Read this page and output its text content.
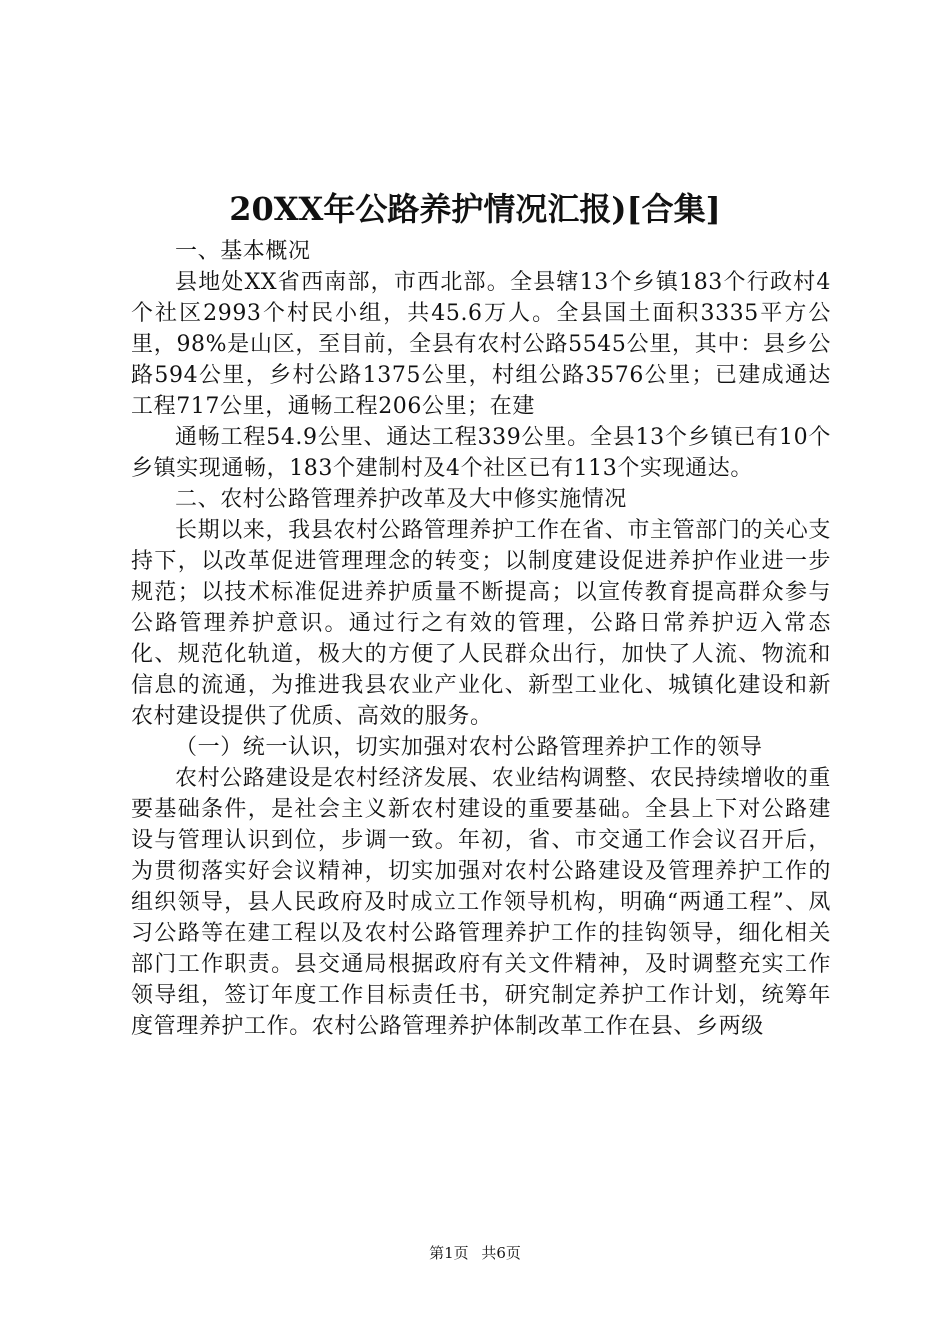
20XX年公路养护情况汇报)[合集]

一、基本概况

县地处XX省西南部，市西北部。全县辖13个乡镇183个行政村4个社区2993个村民小组，共45.6万人。全县国土面积3335平方公里，98%是山区，至目前，全县有农村公路5545公里，其中：县乡公路594公里，乡村公路1375公里，村组公路3576公里；已建成通达工程717公里，通畅工程206公里；在建

通畅工程54.9公里、通达工程339公里。全县13个乡镇已有10个乡镇实现通畅，183个建制村及4个社区已有113个实现通达。

二、农村公路管理养护改革及大中修实施情况

长期以来，我县农村公路管理养护工作在省、市主管部门的关心支持下，以改革促进管理理念的转变；以制度建设促进养护作业进一步规范；以技术标准促进养护质量不断提高；以宣传教育提高群众参与公路管理养护意识。通过行之有效的管理，公路日常养护迈入常态化、规范化轨道，极大的方便了人民群众出行，加快了人流、物流和信息的流通，为推进我县农业产业化、新型工业化、城镇化建设和新农村建设提供了优质、高效的服务。

（一）统一认识，切实加强对农村公路管理养护工作的领导

农村公路建设是农村经济发展、农业结构调整、农民持续增收的重要基础条件，是社会主义新农村建设的重要基础。全县上下对公路建设与管理认识到位，步调一致。年初，省、市交通工作会议召开后，为贯彻落实好会议精神，切实加强对农村公路建设及管理养护工作的组织领导，县人民政府及时成立工作领导机构，明确“两通工程”、凤习公路等在建工程以及农村公路管理养护工作的挂钩领导，细化相关部门工作职责。县交通局根据政府有关文件精神，及时调整充实工作领导组，签订年度工作目标责任书，研究制定养护工作计划，统筹年度管理养护工作。农村公路管理养护体制改革工作在县、乡两级

第1页 共6页
